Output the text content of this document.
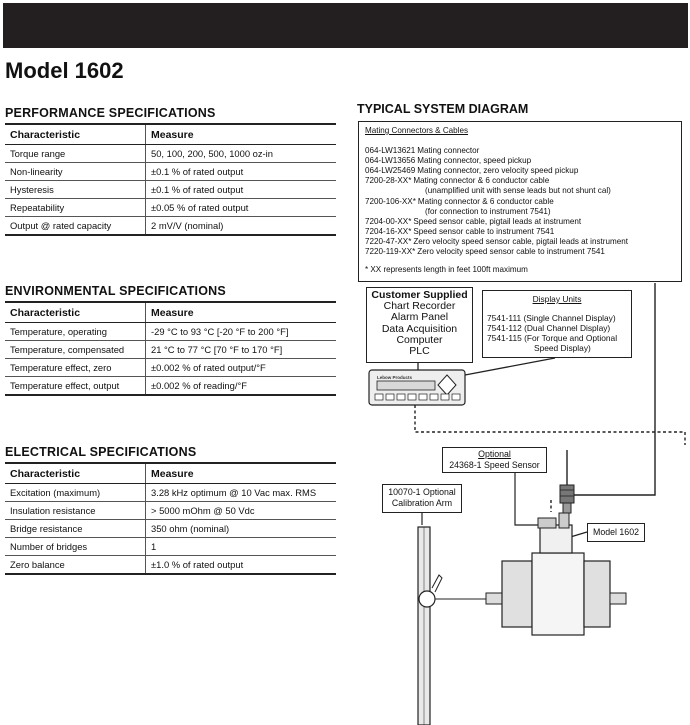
Model 1602
PERFORMANCE SPECIFICATIONS
Characteristic	Measure
Torque range	50, 100, 200, 500, 1000 oz-in
Non-linearity	±0.1 % of rated output
Hysteresis	±0.1 % of rated output
Repeatability	±0.05 % of rated output
Output @ rated capacity	2 mV/V (nominal)
ENVIRONMENTAL SPECIFICATIONS
Characteristic	Measure
Temperature, operating	-29 °C to 93 °C [-20 °F to 200 °F]
Temperature, compensated	21 °C to 77 °C [70 °F to 170 °F]
Temperature effect, zero	±0.002 % of rated output/°F
Temperature effect, output	±0.002 % of reading/°F
ELECTRICAL SPECIFICATIONS
Characteristic	Measure
Excitation (maximum)	3.28 kHz optimum @ 10 Vac max. RMS
Insulation resistance	> 5000 mOhm @ 50 Vdc
Bridge resistance	350 ohm (nominal)
Number of bridges	1
Zero balance	±1.0 % of rated output
TYPICAL SYSTEM DIAGRAM
Mating Connectors & Cables
064-LW13621 Mating connector
064-LW13656 Mating connector, speed pickup
064-LW25469 Mating connector, zero velocity speed pickup
7200-28-XX* Mating connector & 6 conductor cable
(unamplified unit with sense leads but not shunt cal)
7200-106-XX* Mating connector & 6 conductor cable
(for connection to instrument 7541)
7204-00-XX* Speed sensor cable, pigtail leads at instrument
7204-16-XX* Speed sensor cable to instrument 7541
7220-47-XX* Zero velocity speed sensor cable, pigtail leads at instrument
7220-119-XX* Zero velocity speed sensor cable to instrument 7541
* XX represents length in feet 100ft maximum
Customer Supplied
Chart Recorder
Alarm Panel
Data Acquisition
Computer
PLC
Display Units
7541-111 (Single Channel Display)
7541-112 (Dual Channel Display)
7541-115 (For Torque and Optional
Speed Display)
Lebow Products
Optional
24368-1 Speed Sensor
10070-1 Optional
Calibration Arm
Model 1602
